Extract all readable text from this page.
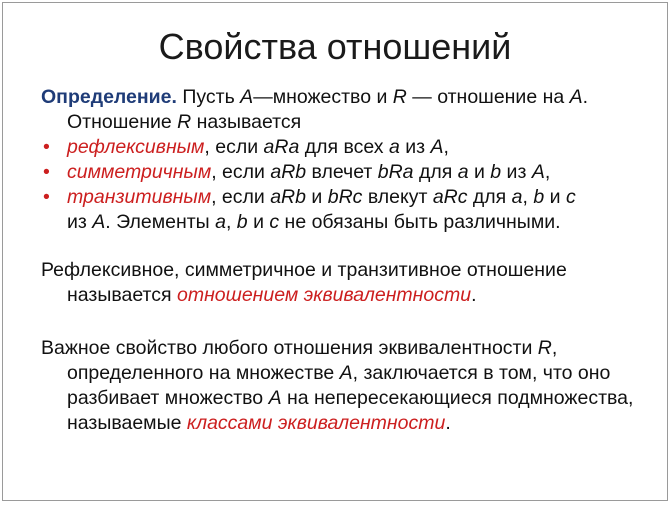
Свойства отношений
Определение. Пусть A—множество и R — отношение на A.
Отношение R называется
• рефлексивным, если aRa для всех a из A,
• симметричным, если aRb влечет bRa для a и b из A,
• транзитивным, если aRb и bRc влекут aRc для a, b и c
из A. Элементы a, b и c не обязаны быть различными.
Рефлексивное, симметричное и транзитивное отношение называется отношением эквивалентности.
Важное свойство любого отношения эквивалентности R, определенного на множестве A, заключается в том, что оно разбивает множество A на непересекающиеся подмножества, называемые классами эквивалентности.
